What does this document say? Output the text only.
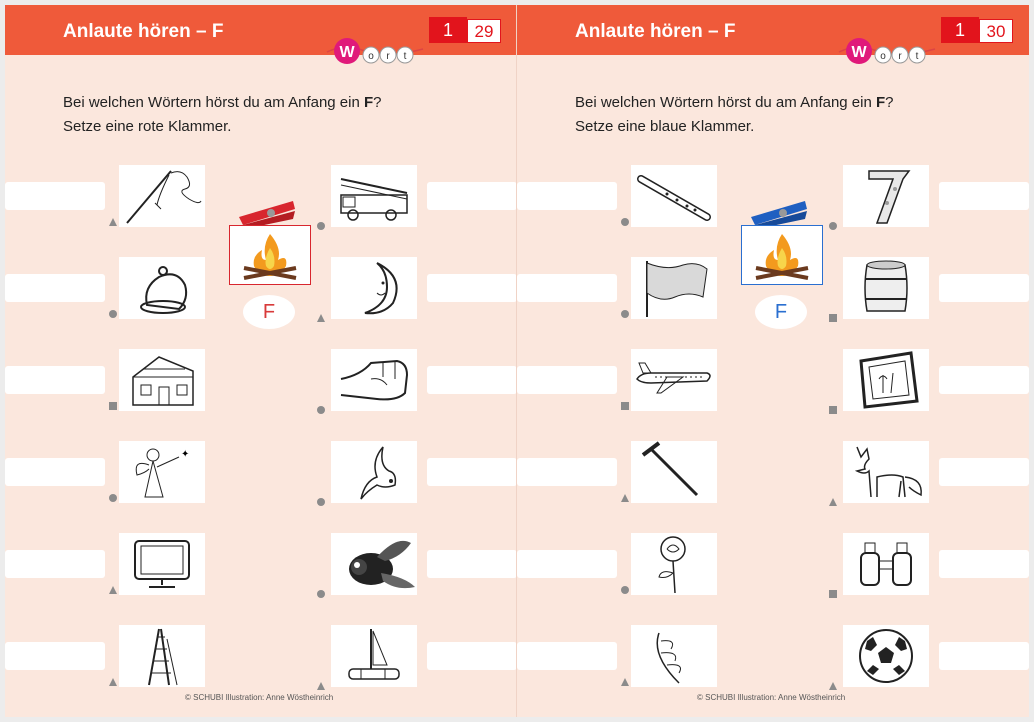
Anlaute hören – F	1	29
W o r t
Bei welchen Wörtern hörst du am Anfang ein F?
Setze eine rote Klammer.
✦
F
© SCHUBI Illustration: Anne Wöstheinrich
Anlaute hören – F	1	30
W o r t
Bei welchen Wörtern hörst du am Anfang ein F?
Setze eine blaue Klammer.
F
© SCHUBI Illustration: Anne Wöstheinrich
